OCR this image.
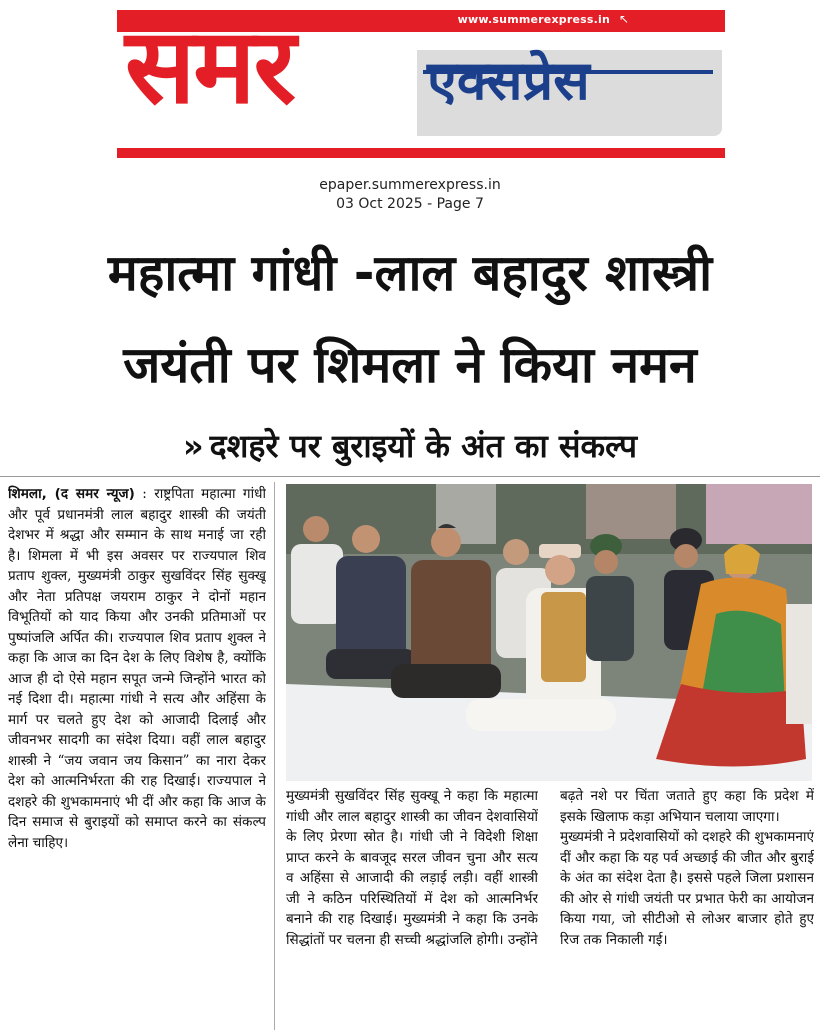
www.summerexpress.in ↖
समर एक्सप्रेस
epaper.summerexpress.in
03 Oct 2025 - Page 7
महात्मा गांधी -लाल बहादुर शास्त्री
जयंती पर शिमला ने किया नमन
» दशहरे पर बुराइयों के अंत का संकल्प

शिमला, (द समर न्यूज) : राष्ट्रपिता महात्मा गांधी और पूर्व प्रधानमंत्री लाल बहादुर शास्त्री की जयंती देशभर में श्रद्धा और सम्मान के साथ मनाई जा रही है। शिमला में भी इस अवसर पर राज्यपाल शिव प्रताप शुक्ल, मुख्यमंत्री ठाकुर सुखविंदर सिंह सुक्खू और नेता प्रतिपक्ष जयराम ठाकुर ने दोनों महान विभूतियों को याद किया और उनकी प्रतिमाओं पर पुष्पांजलि अर्पित की। राज्यपाल शिव प्रताप शुक्ल ने कहा कि आज का दिन देश के लिए विशेष है, क्योंकि आज ही दो ऐसे महान सपूत जन्मे जिन्होंने भारत को नई दिशा दी। महात्मा गांधी ने सत्य और अहिंसा के मार्ग पर चलते हुए देश को आजादी दिलाई और जीवनभर सादगी का संदेश दिया। वहीं लाल बहादुर शास्त्री ने “जय जवान जय किसान” का नारा देकर देश को आत्मनिर्भरता की राह दिखाई। राज्यपाल ने दशहरे की शुभकामनाएं भी दीं और कहा कि आज के दिन समाज से बुराइयों को समाप्त करने का संकल्प लेना चाहिए।

मुख्यमंत्री सुखविंदर सिंह सुक्खू ने कहा कि महात्मा गांधी और लाल बहादुर शास्त्री का जीवन देशवासियों के लिए प्रेरणा स्रोत है। गांधी जी ने विदेशी शिक्षा प्राप्त करने के बावजूद सरल जीवन चुना और सत्य व अहिंसा से आजादी की लड़ाई लड़ी। वहीं शास्त्री जी ने कठिन परिस्थितियों में देश को आत्मनिर्भर बनाने की राह दिखाई। मुख्यमंत्री ने कहा कि उनके सिद्धांतों पर चलना ही सच्ची श्रद्धांजलि होगी। उन्होंने

बढ़ते नशे पर चिंता जताते हुए कहा कि प्रदेश में इसके खिलाफ कड़ा अभियान चलाया जाएगा।

मुख्यमंत्री ने प्रदेशवासियों को दशहरे की शुभकामनाएं दीं और कहा कि यह पर्व अच्छाई की जीत और बुराई के अंत का संदेश देता है। इससे पहले जिला प्रशासन की ओर से गांधी जयंती पर प्रभात फेरी का आयोजन किया गया, जो सीटीओ से लोअर बाजार होते हुए रिज तक निकाली गई।
